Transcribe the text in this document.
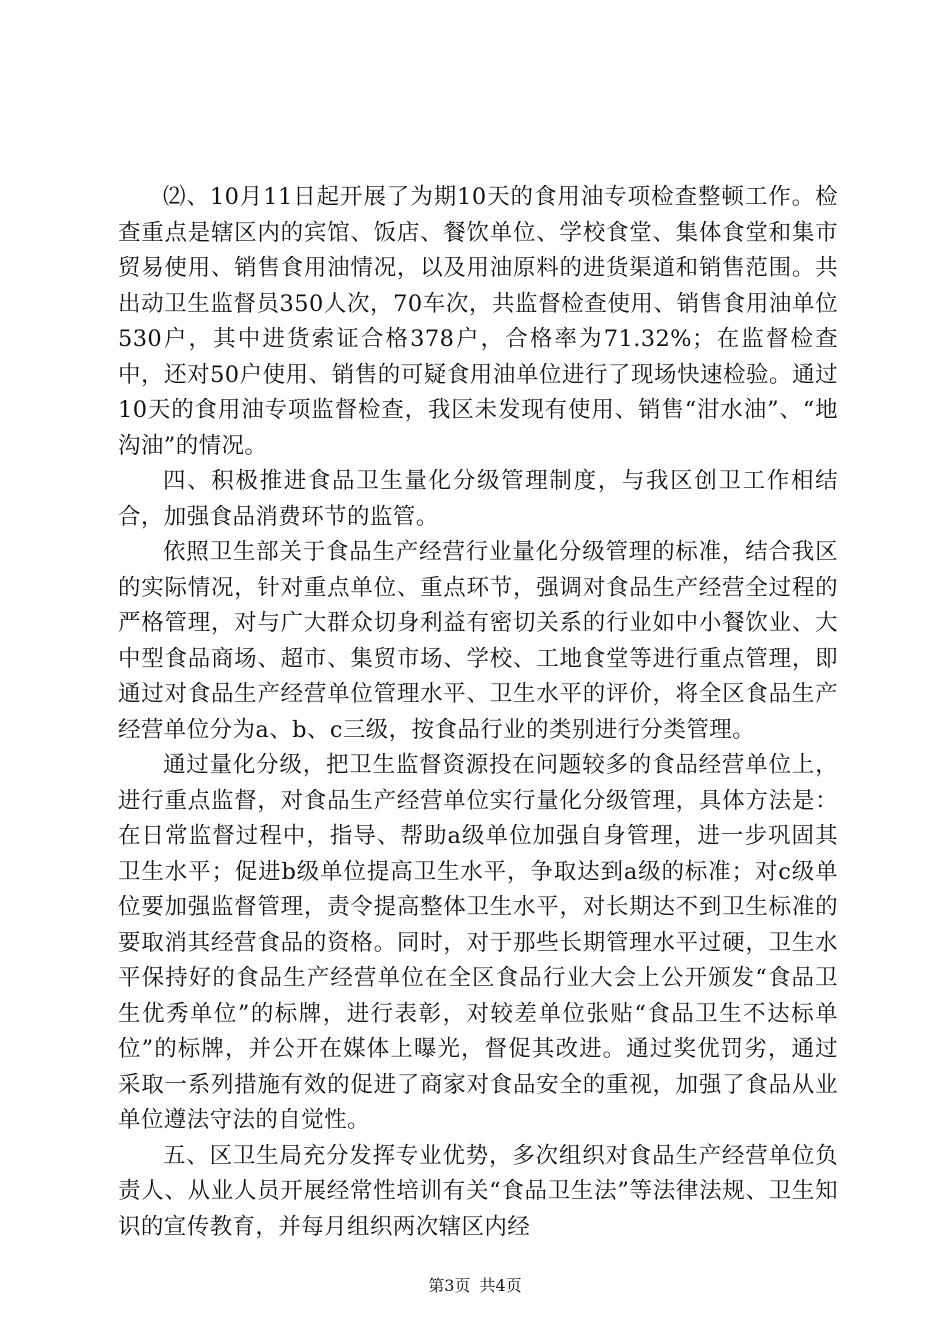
⑵、10月11日起开展了为期10天的食用油专项检查整顿工作。检查重点是辖区内的宾馆、饭店、餐饮单位、学校食堂、集体食堂和集市贸易使用、销售食用油情况，以及用油原料的进货渠道和销售范围。共出动卫生监督员350人次，70车次，共监督检查使用、销售食用油单位530户，其中进货索证合格378户，合格率为71.32%；在监督检查中，还对50户使用、销售的可疑食用油单位进行了现场快速检验。通过10天的食用油专项监督检查，我区未发现有使用、销售“泔水油”、“地沟油”的情况。

四、积极推进食品卫生量化分级管理制度，与我区创卫工作相结合，加强食品消费环节的监管。

依照卫生部关于食品生产经营行业量化分级管理的标准，结合我区的实际情况，针对重点单位、重点环节，强调对食品生产经营全过程的严格管理，对与广大群众切身利益有密切关系的行业如中小餐饮业、大中型食品商场、超市、集贸市场、学校、工地食堂等进行重点管理，即通过对食品生产经营单位管理水平、卫生水平的评价，将全区食品生产经营单位分为a、b、c三级，按食品行业的类别进行分类管理。

通过量化分级，把卫生监督资源投在问题较多的食品经营单位上，进行重点监督，对食品生产经营单位实行量化分级管理，具体方法是：在日常监督过程中，指导、帮助a级单位加强自身管理，进一步巩固其卫生水平；促进b级单位提高卫生水平，争取达到a级的标准；对c级单位要加强监督管理，责令提高整体卫生水平，对长期达不到卫生标准的要取消其经营食品的资格。同时，对于那些长期管理水平过硬，卫生水平保持好的食品生产经营单位在全区食品行业大会上公开颁发“食品卫生优秀单位”的标牌，进行表彰，对较差单位张贴“食品卫生不达标单位”的标牌，并公开在媒体上曝光，督促其改进。通过奖优罚劣，通过采取一系列措施有效的促进了商家对食品安全的重视，加强了食品从业单位遵法守法的自觉性。

五、区卫生局充分发挥专业优势，多次组织对食品生产经营单位负责人、从业人员开展经常性培训有关“食品卫生法”等法律法规、卫生知识的宣传教育，并每月组织两次辖区内经

第3页 共4页
